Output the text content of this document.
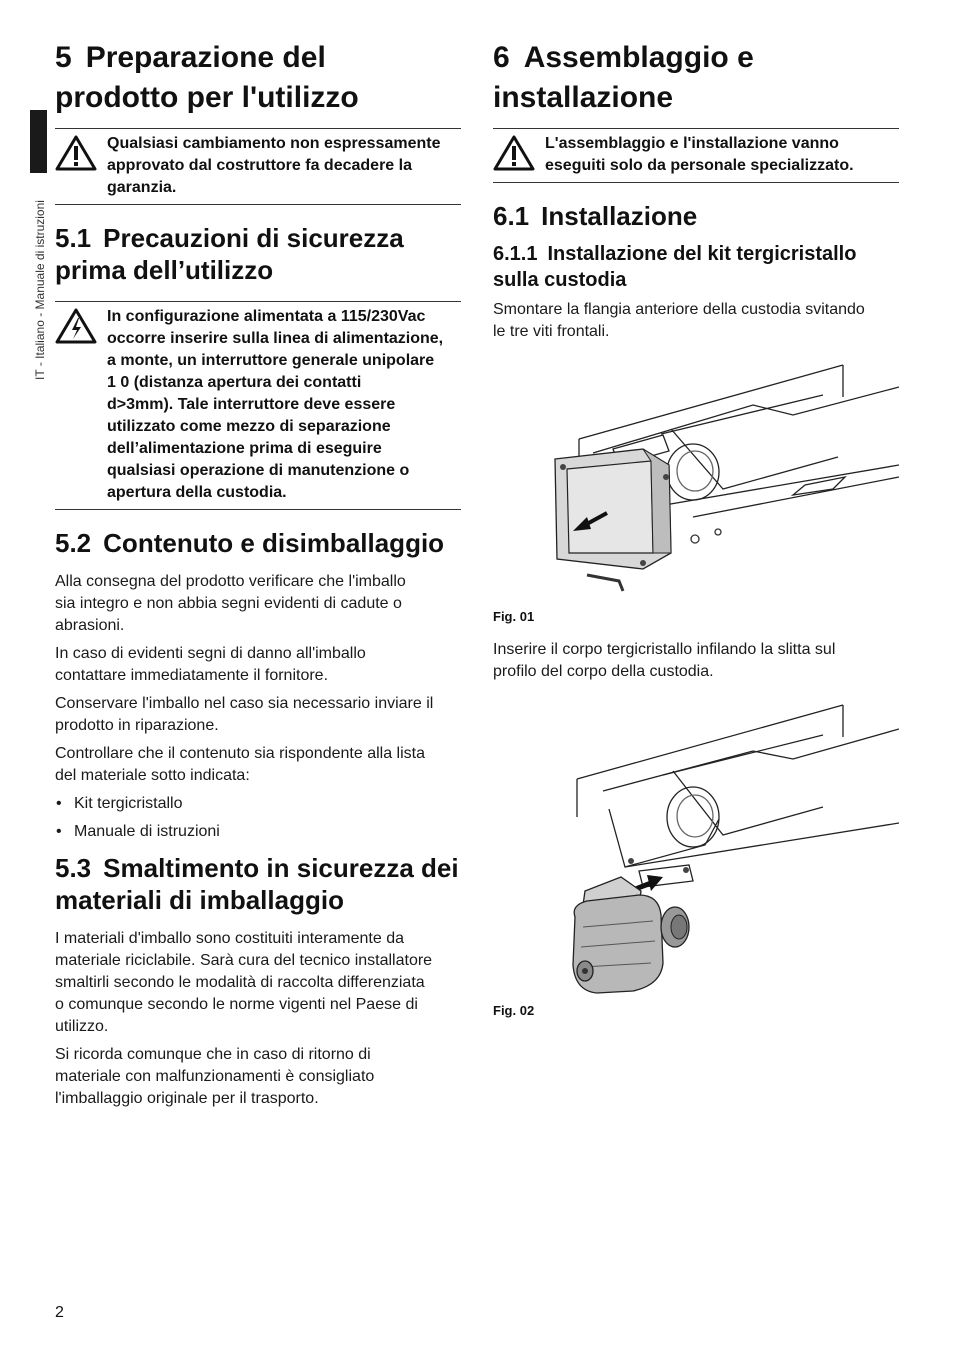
IT - Italiano - Manuale di istruzioni
5 Preparazione del
prodotto per l'utilizzo
Qualsiasi cambiamento non espressamente
approvato dal costruttore fa decadere la
garanzia.
5.1 Precauzioni di sicurezza
prima dell’utilizzo
In configurazione alimentata a 115/230Vac
occorre inserire sulla linea di alimentazione,
a monte, un interruttore generale unipolare
1 0 (distanza apertura dei contatti
d>3mm). Tale interruttore deve essere
utilizzato come mezzo di separazione
dell’alimentazione prima di eseguire
qualsiasi operazione di manutenzione o
apertura della custodia.
5.2 Contenuto e disimballaggio

Alla consegna del prodotto verificare che l'imballo
sia integro e non abbia segni evidenti di cadute o
abrasioni.

In caso di evidenti segni di danno all'imballo
contattare immediatamente il fornitore.

Conservare l'imballo nel caso sia necessario inviare il
prodotto in riparazione.

Controllare che il contenuto sia rispondente alla lista
del materiale sotto indicata:

• Kit tergicristallo
• Manuale di istruzioni
5.3 Smaltimento in sicurezza dei
materiali di imballaggio

I materiali d'imballo sono costituiti interamente da
materiale riciclabile. Sarà cura del tecnico installatore
smaltirli secondo le modalità di raccolta differenziata
o comunque secondo le norme vigenti nel Paese di
utilizzo.

Si ricorda comunque che in caso di ritorno di
materiale con malfunzionamenti è consigliato
l'imballaggio originale per il trasporto.

6 Assemblaggio e
installazione
L'assemblaggio e l'installazione vanno
eseguiti solo da personale specializzato.
6.1 Installazione
6.1.1 Installazione del kit tergicristallo
sulla custodia

Smontare la flangia anteriore della custodia svitando
le tre viti frontali.

Fig. 01

Inserire il corpo tergicristallo infilando la slitta sul
profilo del corpo della custodia.

Fig. 02
2
